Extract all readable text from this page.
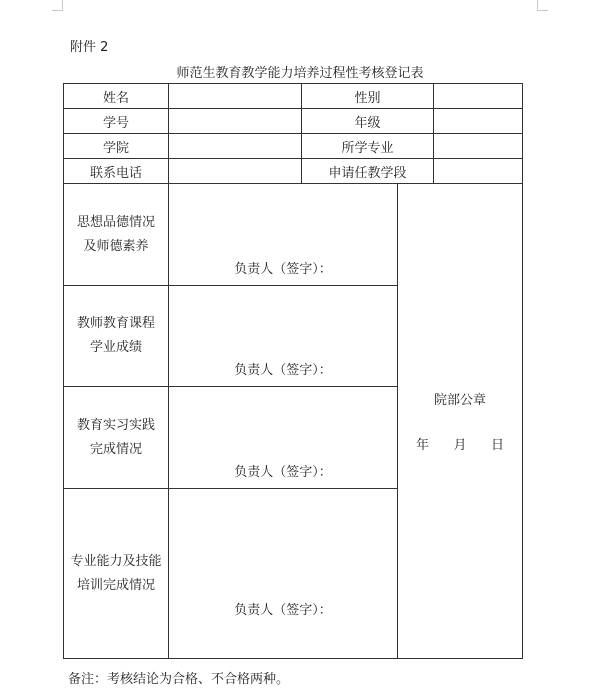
附件 2
师范生教育教学能力培养过程性考核登记表
姓名		性别		
学号		年级		
学院		所学专业		
联系电话		申请任教学段		

思想品德情况
及师德素养	负责人（签字）：		院部公章
年 月 日	

教师教育课程
学业成绩	负责人（签字）：			

教育实习实践
完成情况	负责人（签字）：			

专业能力及技能
培训完成情况	负责人（签字）：			
备注：考核结论为合格、不合格两种。
